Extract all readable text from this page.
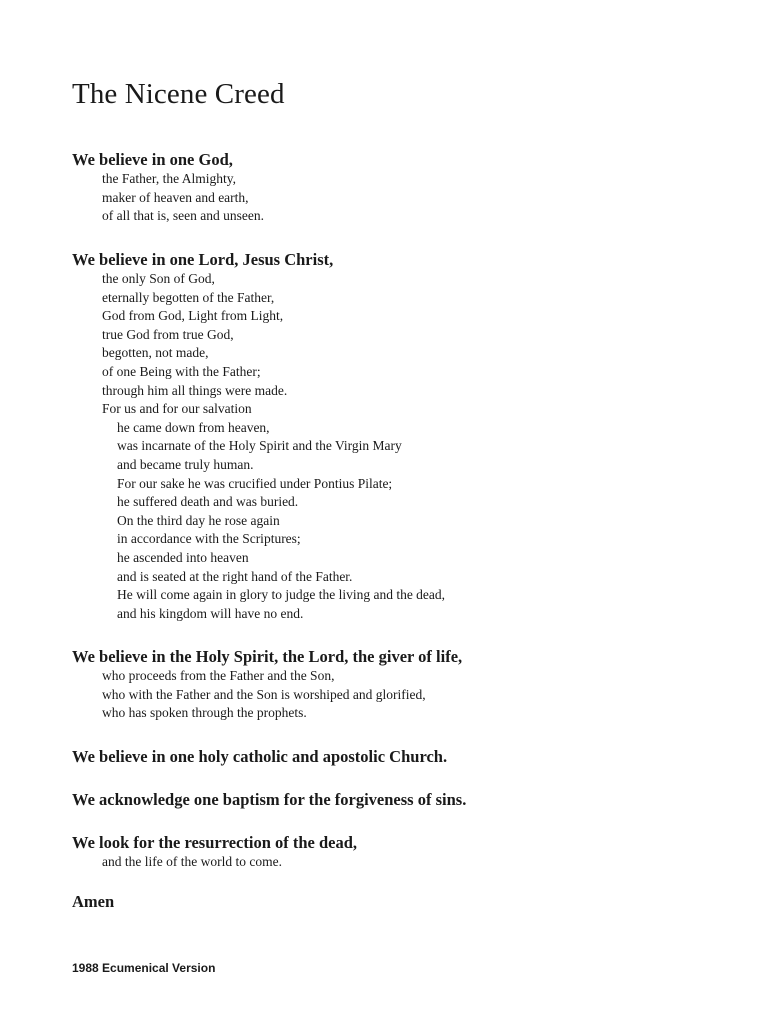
The Nicene Creed
We believe in one God,
the Father, the Almighty,
maker of heaven and earth,
of all that is, seen and unseen.
We believe in one Lord, Jesus Christ,
the only Son of God,
eternally begotten of the Father,
God from God, Light from Light,
true God from true God,
begotten, not made,
of one Being with the Father;
through him all things were made.
For us and for our salvation
he came down from heaven,
was incarnate of the Holy Spirit and the Virgin Mary
and became truly human.
For our sake he was crucified under Pontius Pilate;
he suffered death and was buried.
On the third day he rose again
in accordance with the Scriptures;
he ascended into heaven
and is seated at the right hand of the Father.
He will come again in glory to judge the living and the dead,
and his kingdom will have no end.
We believe in the Holy Spirit, the Lord, the giver of life,
who proceeds from the Father and the Son,
who with the Father and the Son is worshiped and glorified,
who has spoken through the prophets.
We believe in one holy catholic and apostolic Church.
We acknowledge one baptism for the forgiveness of sins.
We look for the resurrection of the dead,
and the life of the world to come.
Amen
1988 Ecumenical Version
